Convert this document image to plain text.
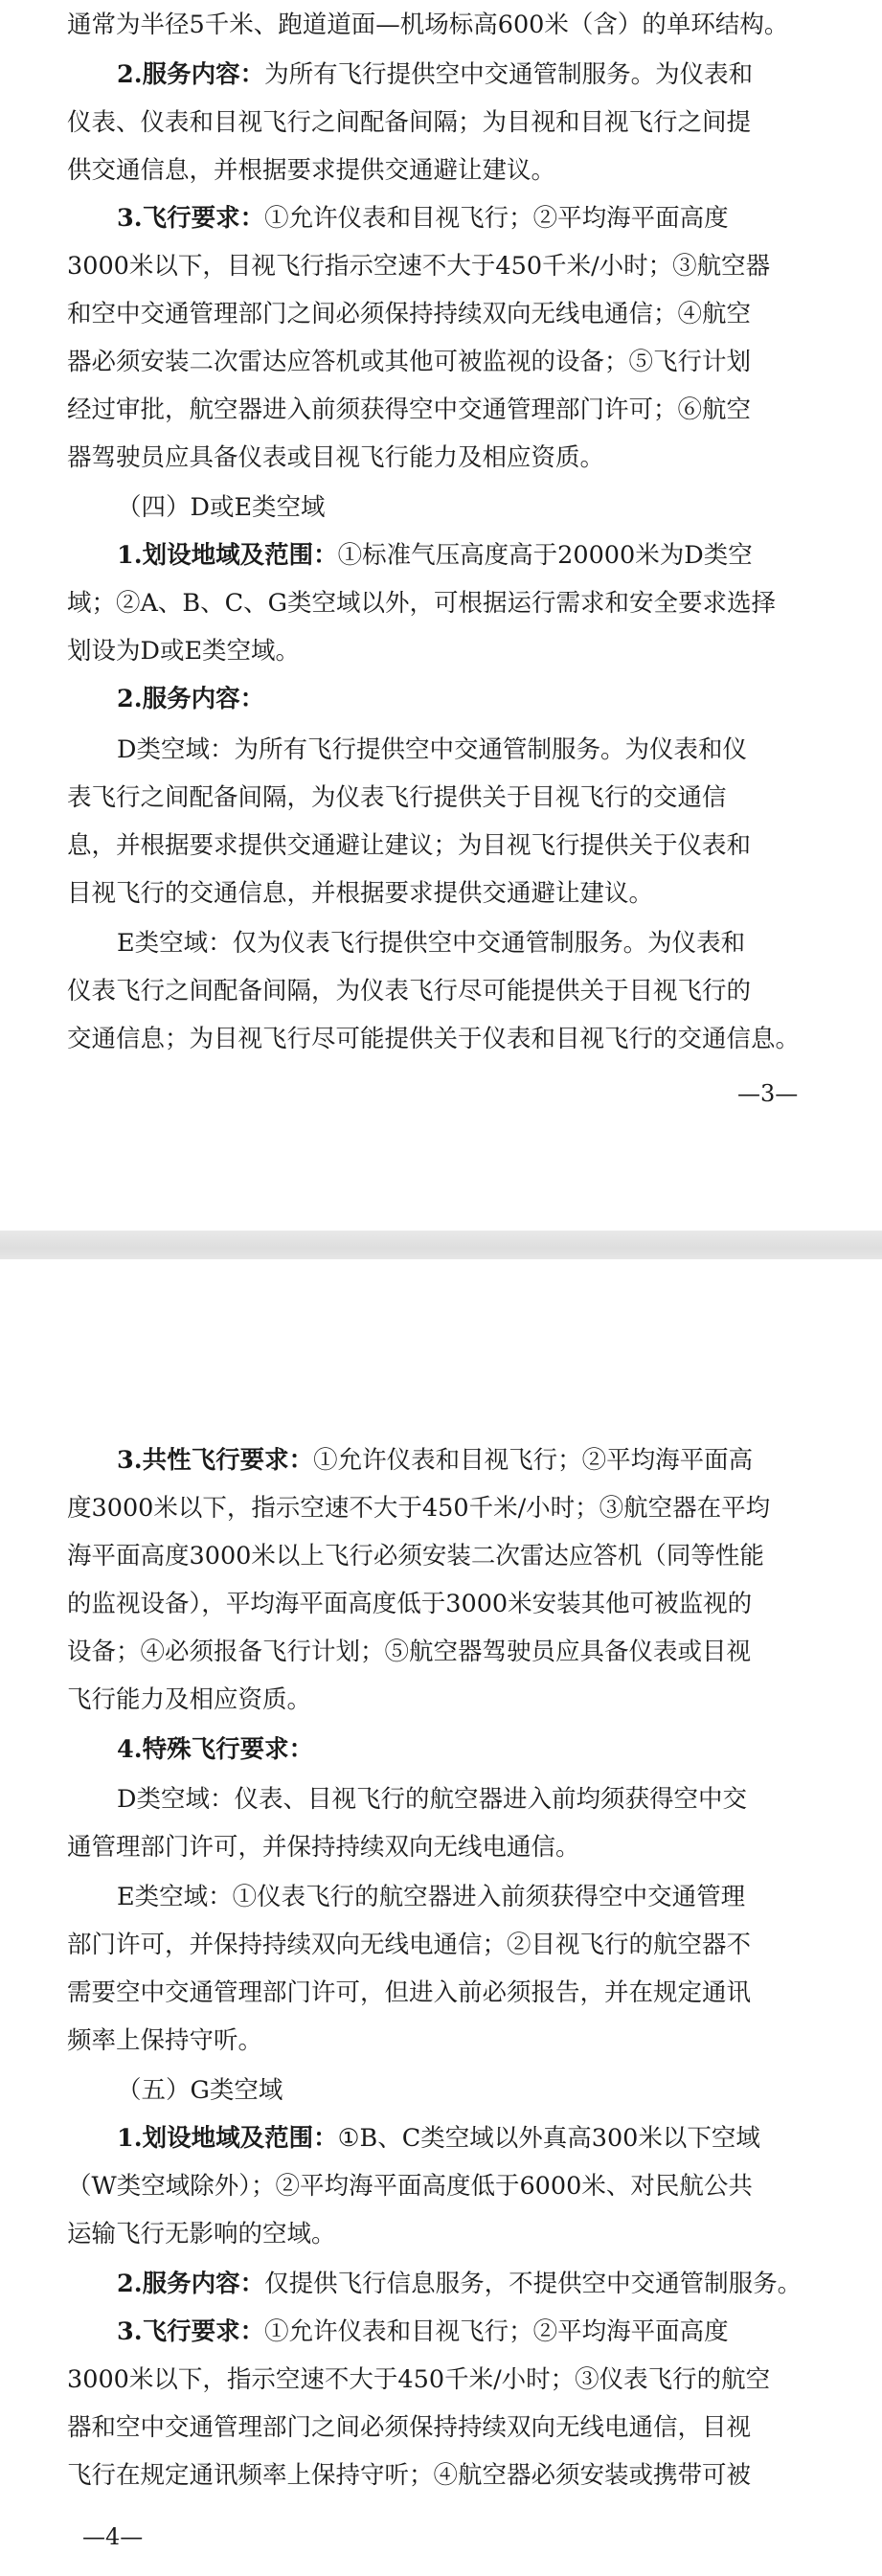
通常为半径5千米、跑道道面—机场标高600米（含）的单环结构。

2.服务内容：为所有飞行提供空中交通管制服务。为仪表和

仪表、仪表和目视飞行之间配备间隔；为目视和目视飞行之间提

供交通信息，并根据要求提供交通避让建议。

3.飞行要求：①允许仪表和目视飞行；②平均海平面高度

3000米以下，目视飞行指示空速不大于450千米/小时；③航空器

和空中交通管理部门之间必须保持持续双向无线电通信；④航空

器必须安装二次雷达应答机或其他可被监视的设备；⑤飞行计划

经过审批，航空器进入前须获得空中交通管理部门许可；⑥航空

器驾驶员应具备仪表或目视飞行能力及相应资质。

（四）D或E类空域

1.划设地域及范围：①标准气压高度高于20000米为D类空

域；②A、B、C、G类空域以外，可根据运行需求和安全要求选择

划设为D或E类空域。

2.服务内容：

D类空域：为所有飞行提供空中交通管制服务。为仪表和仪

表飞行之间配备间隔，为仪表飞行提供关于目视飞行的交通信

息，并根据要求提供交通避让建议；为目视飞行提供关于仪表和

目视飞行的交通信息，并根据要求提供交通避让建议。

E类空域：仅为仪表飞行提供空中交通管制服务。为仪表和

仪表飞行之间配备间隔，为仪表飞行尽可能提供关于目视飞行的

交通信息；为目视飞行尽可能提供关于仪表和目视飞行的交通信息。

—3—

3.共性飞行要求：①允许仪表和目视飞行；②平均海平面高

度3000米以下，指示空速不大于450千米/小时；③航空器在平均

海平面高度3000米以上飞行必须安装二次雷达应答机（同等性能

的监视设备），平均海平面高度低于3000米安装其他可被监视的

设备；④必须报备飞行计划；⑤航空器驾驶员应具备仪表或目视

飞行能力及相应资质。

4.特殊飞行要求：

D类空域：仪表、目视飞行的航空器进入前均须获得空中交

通管理部门许可，并保持持续双向无线电通信。

E类空域：①仪表飞行的航空器进入前须获得空中交通管理

部门许可，并保持持续双向无线电通信；②目视飞行的航空器不

需要空中交通管理部门许可，但进入前必须报告，并在规定通讯

频率上保持守听。

（五）G类空域

1.划设地域及范围：①B、C类空域以外真高300米以下空域

（W类空域除外）；②平均海平面高度低于6000米、对民航公共

运输飞行无影响的空域。

2.服务内容：仅提供飞行信息服务，不提供空中交通管制服务。

3.飞行要求：①允许仪表和目视飞行；②平均海平面高度

3000米以下，指示空速不大于450千米/小时；③仪表飞行的航空

器和空中交通管理部门之间必须保持持续双向无线电通信，目视

飞行在规定通讯频率上保持守听；④航空器必须安装或携带可被

—4—
